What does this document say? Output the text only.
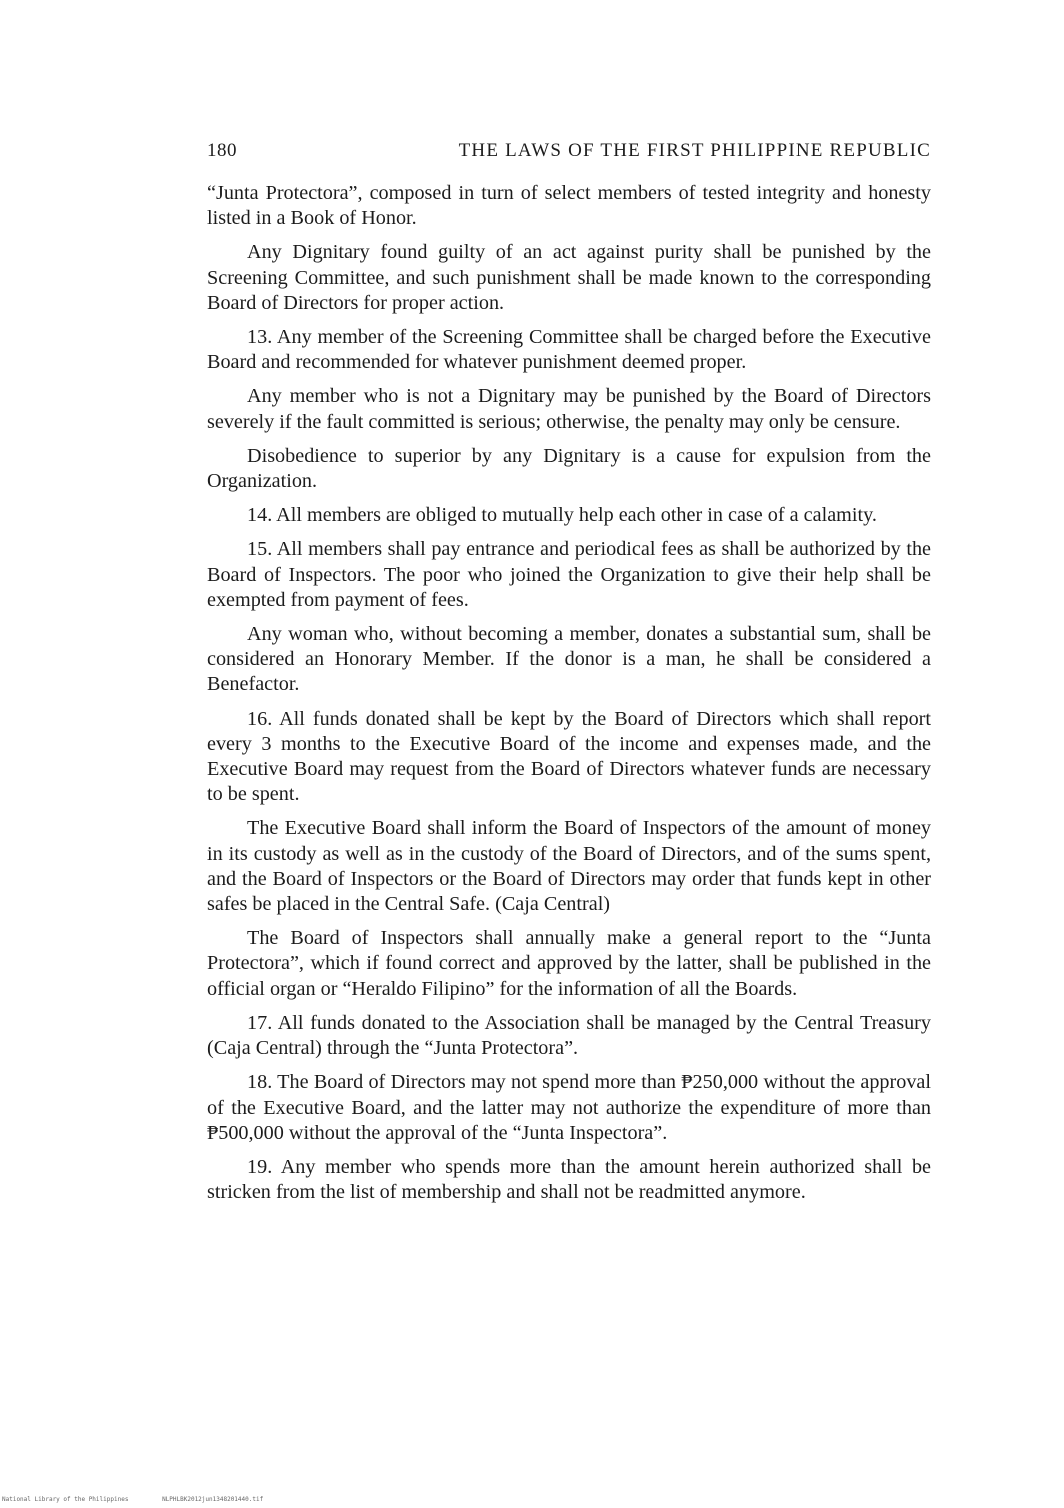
180	THE LAWS OF THE FIRST PHILIPPINE REPUBLIC

“Junta Protectora”, composed in turn of select members of tested integrity and honesty listed in a Book of Honor.

Any Dignitary found guilty of an act against purity shall be punished by the Screening Committee, and such punishment shall be made known to the corresponding Board of Directors for proper action.

13. Any member of the Screening Committee shall be charged before the Executive Board and recommended for whatever punishment deemed proper.

Any member who is not a Dignitary may be punished by the Board of Directors severely if the fault committed is serious; otherwise, the penalty may only be censure.

Disobedience to superior by any Dignitary is a cause for expulsion from the Organization.

14. All members are obliged to mutually help each other in case of a calamity.

15. All members shall pay entrance and periodical fees as shall be authorized by the Board of Inspectors. The poor who joined the Organization to give their help shall be exempted from payment of fees.

Any woman who, without becoming a member, donates a substantial sum, shall be considered an Honorary Member. If the donor is a man, he shall be considered a Benefactor.

16. All funds donated shall be kept by the Board of Directors which shall report every 3 months to the Executive Board of the income and expenses made, and the Executive Board may request from the Board of Directors whatever funds are necessary to be spent.

The Executive Board shall inform the Board of Inspectors of the amount of money in its custody as well as in the custody of the Board of Directors, and of the sums spent, and the Board of Inspectors or the Board of Directors may order that funds kept in other safes be placed in the Central Safe. (Caja Central)

The Board of Inspectors shall annually make a general report to the “Junta Protectora”, which if found correct and approved by the latter, shall be published in the official organ or “Heraldo Filipino” for the information of all the Boards.

17. All funds donated to the Association shall be managed by the Central Treasury (Caja Central) through the “Junta Protectora”.

18. The Board of Directors may not spend more than ₱250,000 without the approval of the Executive Board, and the latter may not authorize the expenditure of more than ₱500,000 without the approval of the “Junta Inspectora”.

19. Any member who spends more than the amount herein authorized shall be stricken from the list of membership and shall not be readmitted anymore.

National Library of the Philippines	NLPHLBK2012jun1348201440.tif
